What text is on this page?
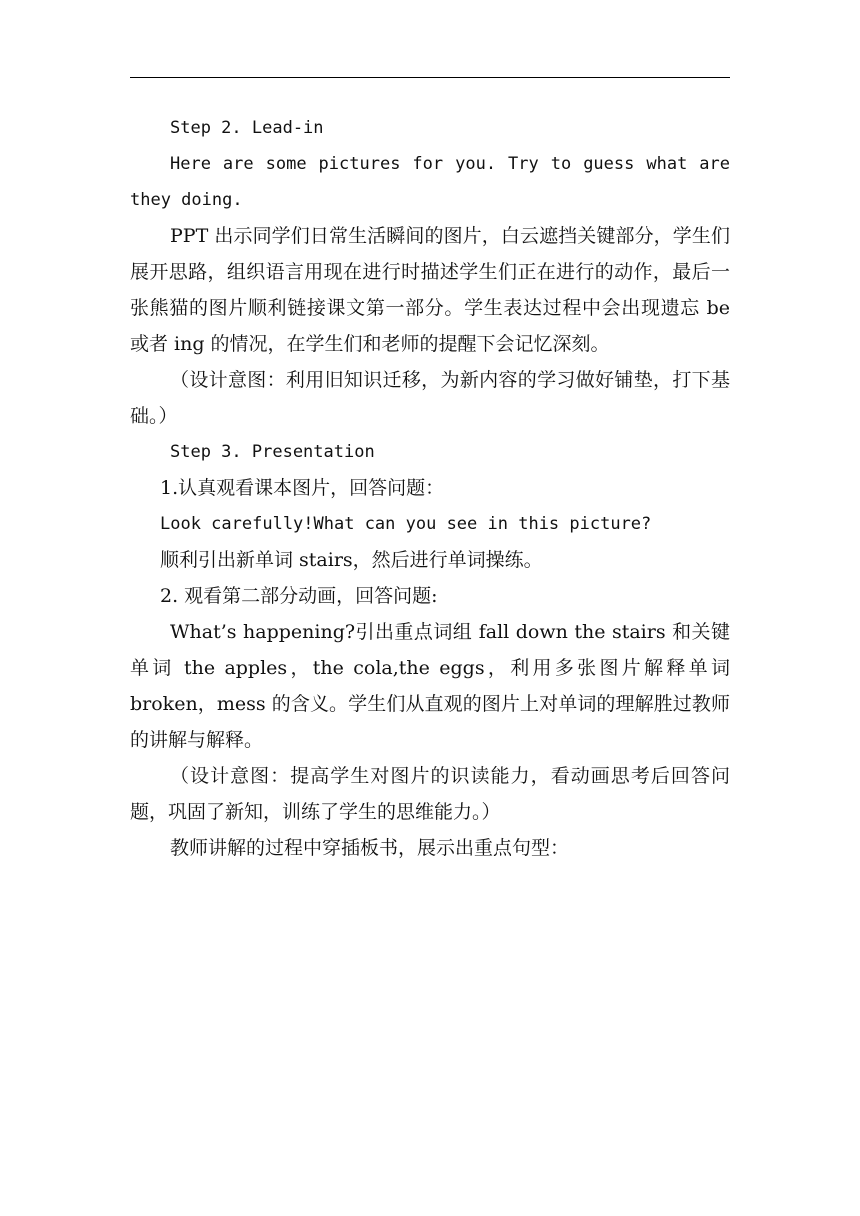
Step 2. Lead-in

Here are some pictures for you. Try to guess what are they doing.

PPT 出示同学们日常生活瞬间的图片，白云遮挡关键部分，学生们展开思路，组织语言用现在进行时描述学生们正在进行的动作，最后一张熊猫的图片顺利链接课文第一部分。学生表达过程中会出现遗忘 be 或者 ing 的情况，在学生们和老师的提醒下会记忆深刻。

（设计意图：利用旧知识迁移，为新内容的学习做好铺垫，打下基础。）

Step 3. Presentation

1.认真观看课本图片，回答问题：

Look carefully!What can you see in this picture?

顺利引出新单词 stairs，然后进行单词操练。

2. 观看第二部分动画，回答问题:

What’s happening?引出重点词组 fall down the stairs 和关键单词 the apples，the cola,the eggs，利用多张图片解释单词 broken，mess 的含义。学生们从直观的图片上对单词的理解胜过教师的讲解与解释。

（设计意图：提高学生对图片的识读能力，看动画思考后回答问题，巩固了新知，训练了学生的思维能力。）

教师讲解的过程中穿插板书，展示出重点句型：
